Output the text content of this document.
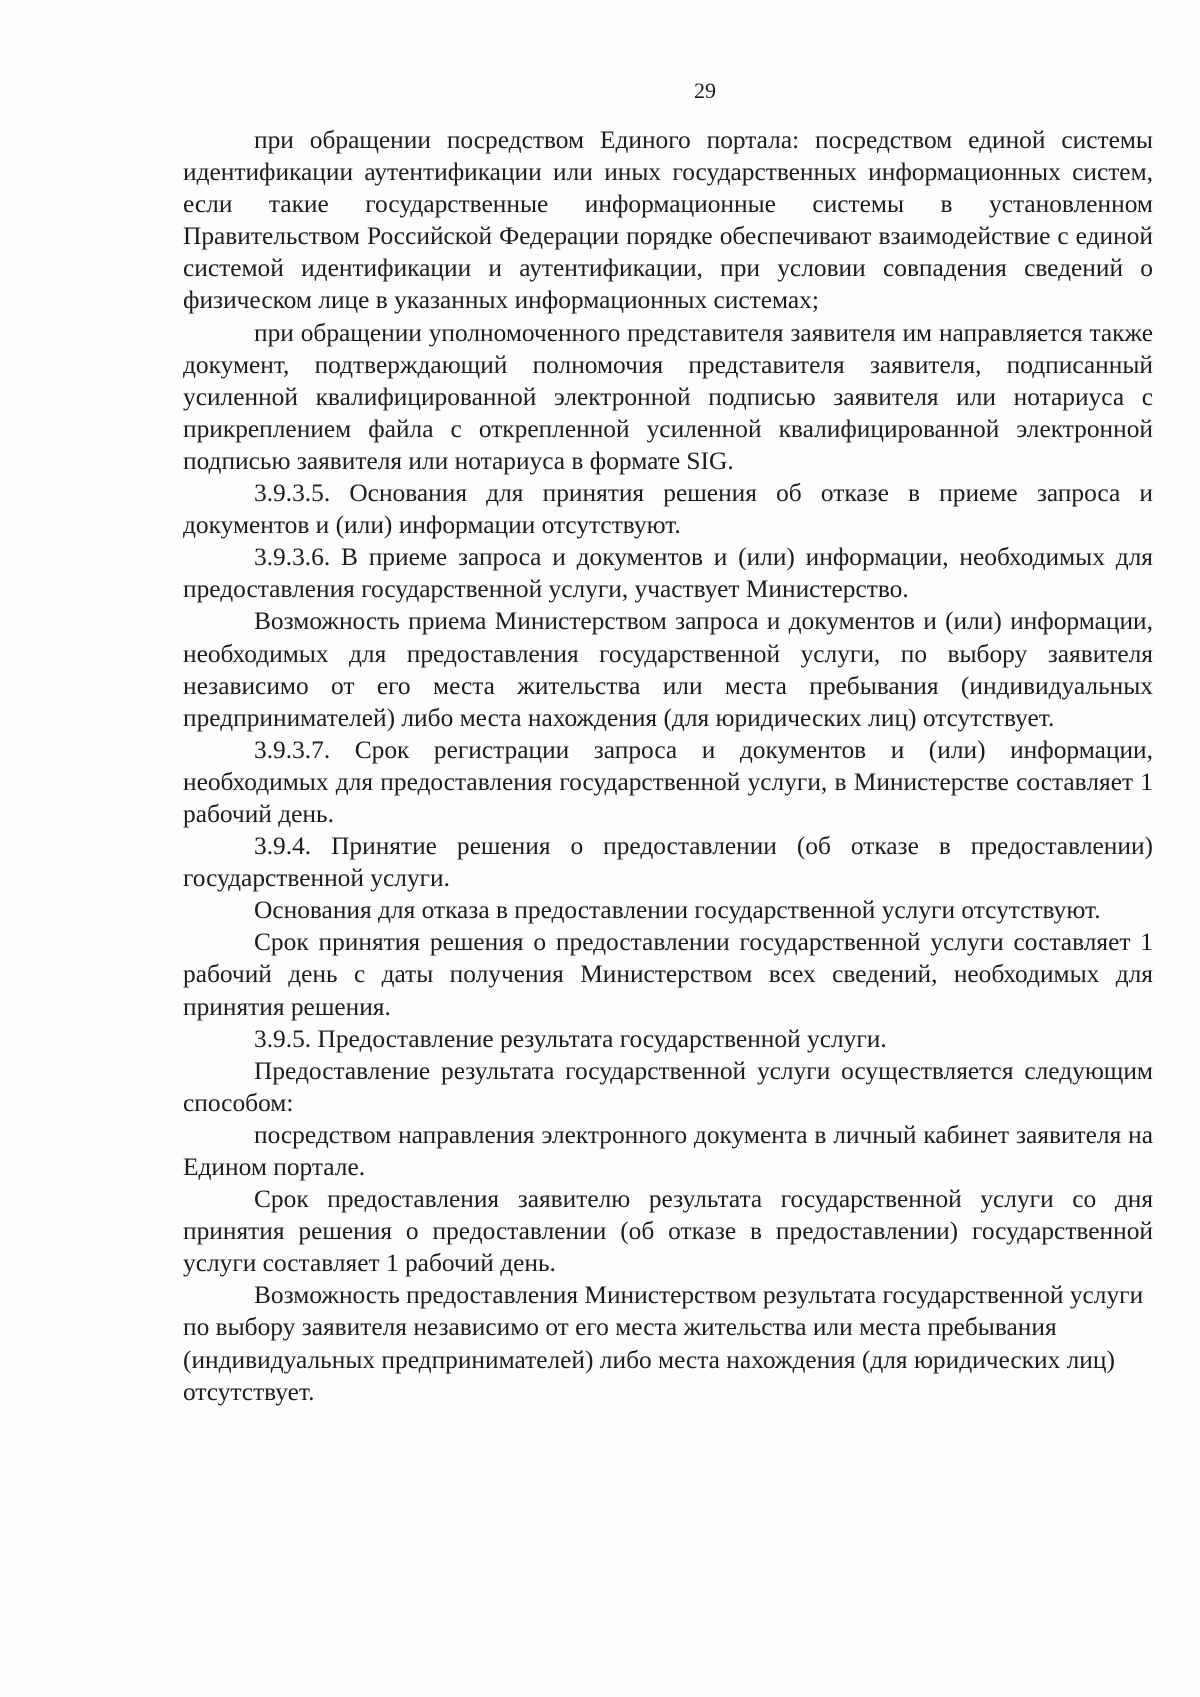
29

при обращении посредством Единого портала: посредством единой системы идентификации аутентификации или иных государственных информационных систем, если такие государственные информационные системы в установленном Правительством Российской Федерации порядке обеспечивают взаимодействие с единой системой идентификации и аутентификации, при условии совпадения сведений о физическом лице в указанных информационных системах;

при обращении уполномоченного представителя заявителя им направляется также документ, подтверждающий полномочия представителя заявителя, подписанный усиленной квалифицированной электронной подписью заявителя или нотариуса с прикреплением файла с открепленной усиленной квалифицированной электронной подписью заявителя или нотариуса в формате SIG.

3.9.3.5. Основания для принятия решения об отказе в приеме запроса и документов и (или) информации отсутствуют.

3.9.3.6. В приеме запроса и документов и (или) информации, необходимых для предоставления государственной услуги, участвует Министерство.

Возможность приема Министерством запроса и документов и (или) информации, необходимых для предоставления государственной услуги, по выбору заявителя независимо от его места жительства или места пребывания (индивидуальных предпринимателей) либо места нахождения (для юридических лиц) отсутствует.

3.9.3.7. Срок регистрации запроса и документов и (или) информации, необходимых для предоставления государственной услуги, в Министерстве составляет 1 рабочий день.

3.9.4. Принятие решения о предоставлении (об отказе в предоставлении) государственной услуги.

Основания для отказа в предоставлении государственной услуги отсутствуют.

Срок принятия решения о предоставлении государственной услуги составляет 1 рабочий день с даты получения Министерством всех сведений, необходимых для принятия решения.

3.9.5. Предоставление результата государственной услуги.

Предоставление результата государственной услуги осуществляется следующим способом:

посредством направления электронного документа в личный кабинет заявителя на Едином портале.

Срок предоставления заявителю результата государственной услуги со дня принятия решения о предоставлении (об отказе в предоставлении) государственной услуги составляет 1 рабочий день.

Возможность предоставления Министерством результата государственной услуги по выбору заявителя независимо от его места жительства или места пребывания (индивидуальных предпринимателей) либо места нахождения (для юридических лиц) отсутствует.
